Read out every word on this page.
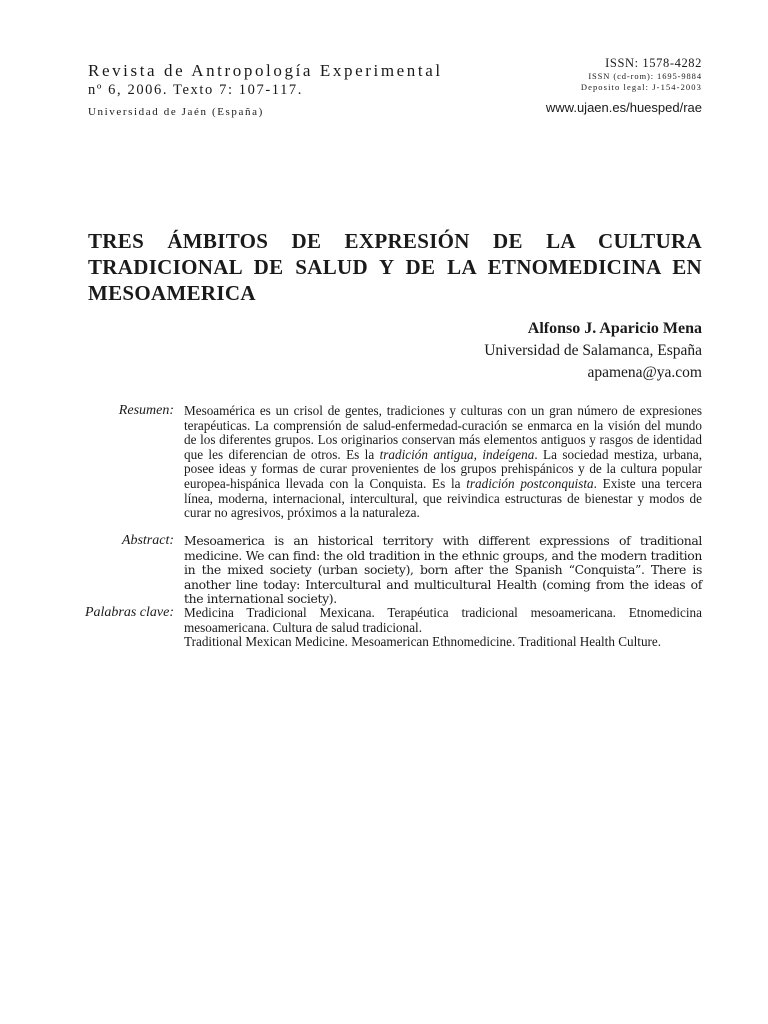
Revista de Antropología Experimental
nº 6, 2006. Texto 7: 107-117.
Universidad de Jaén (España)
ISSN: 1578-4282
ISSN (cd-rom): 1695-9884
Deposito legal: J-154-2003
www.ujaen.es/huesped/rae
TRES ÁMBITOS DE EXPRESIÓN DE LA CULTURA TRADICIONAL DE SALUD Y DE LA ETNOMEDICINA EN MESOAMERICA
Alfonso J. Aparicio Mena
Universidad de Salamanca, España
apamena@ya.com
Resumen: Mesoamérica es un crisol de gentes, tradiciones y culturas con un gran número de expresiones terapéuticas. La comprensión de salud-enfermedad-curación se enmarca en la visión del mundo de los diferentes grupos. Los originarios conservan más elementos antiguos y rasgos de identidad que les diferencian de otros. Es la tradición antigua, indeígena. La sociedad mestiza, urbana, posee ideas y formas de curar provenientes de los grupos prehispánicos y de la cultura popular europea-hispánica llevada con la Conquista. Es la tradición postconquista. Existe una tercera línea, moderna, internacional, intercultural, que reivindica estructuras de bienestar y modos de curar no agresivos, próximos a la naturaleza.

Abstract: Mesoamerica is an historical territory with different expressions of traditional medicine. We can find: the old tradition in the ethnic groups, and the modern tradition in the mixed society (urban society), born after the Spanish “Conquista”. There is another line today: Intercultural and multicultural Health (coming from the ideas of the international society).

Palabras clave: Medicina Tradicional Mexicana. Terapéutica tradicional mesoamericana. Etnomedicina mesoamericana. Cultura de salud tradicional.

Traditional Mexican Medicine. Mesoamerican Ethnomedicine. Traditional Health Culture.
